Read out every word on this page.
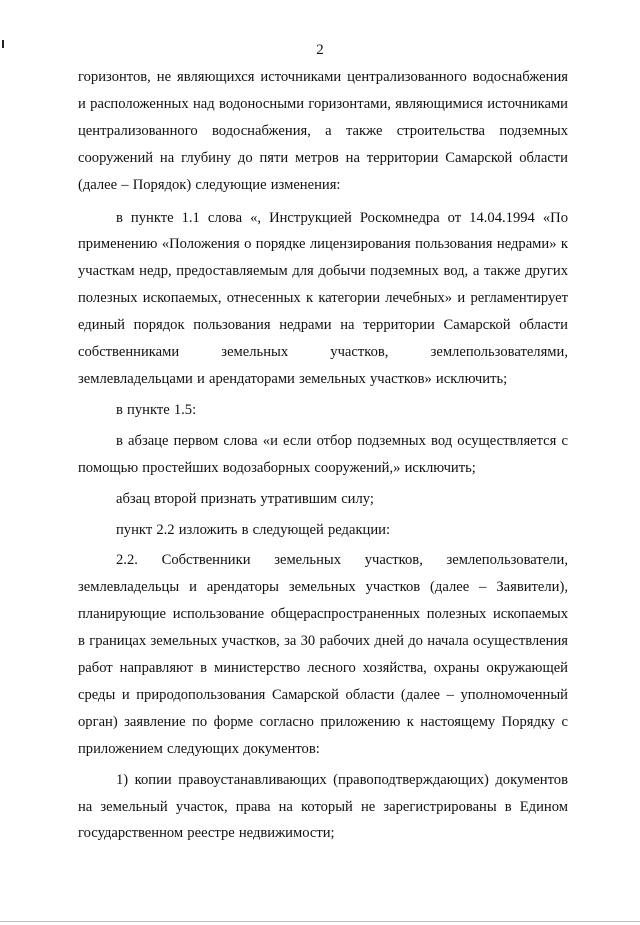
2

горизонтов, не являющихся источниками централизованного водоснабжения и расположенных над водоносными горизонтами, являющимися источниками централизованного водоснабжения, а также строительства подземных сооружений на глубину до пяти метров на территории Самарской области (далее – Порядок) следующие изменения:

в пункте 1.1 слова «, Инструкцией Роскомнедра от 14.04.1994 «По применению «Положения о порядке лицензирования пользования недрами» к участкам недр, предоставляемым для добычи подземных вод, а также других полезных ископаемых, отнесенных к категории лечебных» и регламентирует единый порядок пользования недрами на территории Самарской области собственниками земельных участков, землепользователями, землевладельцами и арендаторами земельных участков» исключить;

в пункте 1.5:

в абзаце первом слова «и если отбор подземных вод осуществляется с помощью простейших водозаборных сооружений,» исключить;

абзац второй признать утратившим силу;

пункт 2.2 изложить в следующей редакции:

2.2. Собственники земельных участков, землепользователи, землевладельцы и арендаторы земельных участков (далее – Заявители), планирующие использование общераспространенных полезных ископаемых в границах земельных участков, за 30 рабочих дней до начала осуществления работ направляют в министерство лесного хозяйства, охраны окружающей среды и природопользования Самарской области (далее – уполномоченный орган) заявление по форме согласно приложению к настоящему Порядку с приложением следующих документов:

1) копии правоустанавливающих (правоподтверждающих) документов на земельный участок, права на который не зарегистрированы в Едином государственном реестре недвижимости;
